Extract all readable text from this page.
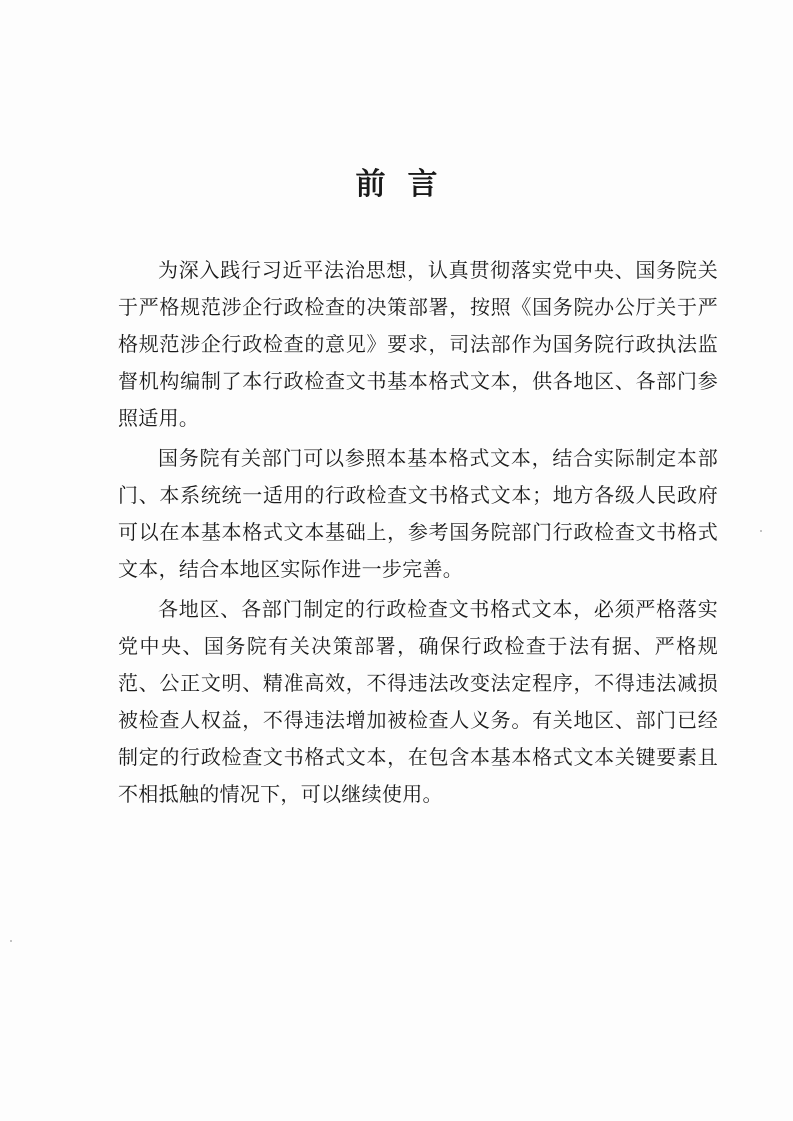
前言

为深入践行习近平法治思想，认真贯彻落实党中央、国务院关于严格规范涉企行政检查的决策部署，按照《国务院办公厅关于严格规范涉企行政检查的意见》要求，司法部作为国务院行政执法监督机构编制了本行政检查文书基本格式文本，供各地区、各部门参照适用。

国务院有关部门可以参照本基本格式文本，结合实际制定本部门、本系统统一适用的行政检查文书格式文本；地方各级人民政府可以在本基本格式文本基础上，参考国务院部门行政检查文书格式文本，结合本地区实际作进一步完善。

各地区、各部门制定的行政检查文书格式文本，必须严格落实党中央、国务院有关决策部署，确保行政检查于法有据、严格规范、公正文明、精准高效，不得违法改变法定程序，不得违法减损被检查人权益，不得违法增加被检查人义务。有关地区、部门已经制定的行政检查文书格式文本，在包含本基本格式文本关键要素且不相抵触的情况下，可以继续使用。
